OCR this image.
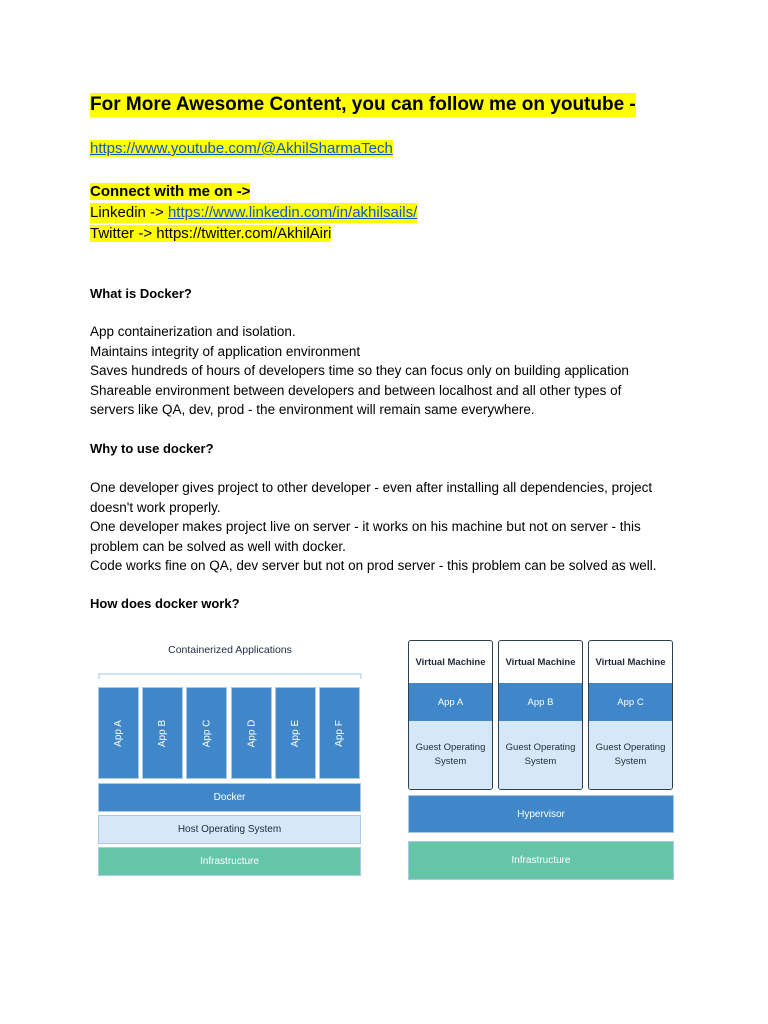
For More Awesome Content, you can follow me on youtube -
https://www.youtube.com/@AkhilSharmaTech
Connect with me on ->
Linkedin -> https://www.linkedin.com/in/akhilsails/
Twitter -> https://twitter.com/AkhilAiri
What is Docker?
App containerization and isolation.
Maintains integrity of application environment
Saves hundreds of hours of developers time so they can focus only on building application
Shareable environment between developers and between localhost and all other types of
servers like QA, dev, prod - the environment will remain same everywhere.
Why to use docker?
One developer gives project to other developer - even after installing all dependencies, project
doesn't work properly.
One developer makes project live on server - it works on his machine but not on server - this
problem can be solved as well with docker.
Code works fine on QA, dev server but not on prod server - this problem can be solved as well.
How does docker work?
Containerized Applications
App A	App B	App C	App D	App E	App F
Docker
Host Operating System
Infrastructure
Virtual Machine
App A
Guest Operating System
Virtual Machine
App B
Guest Operating System
Virtual Machine
App C
Guest Operating System
Hypervisor
Infrastructure
